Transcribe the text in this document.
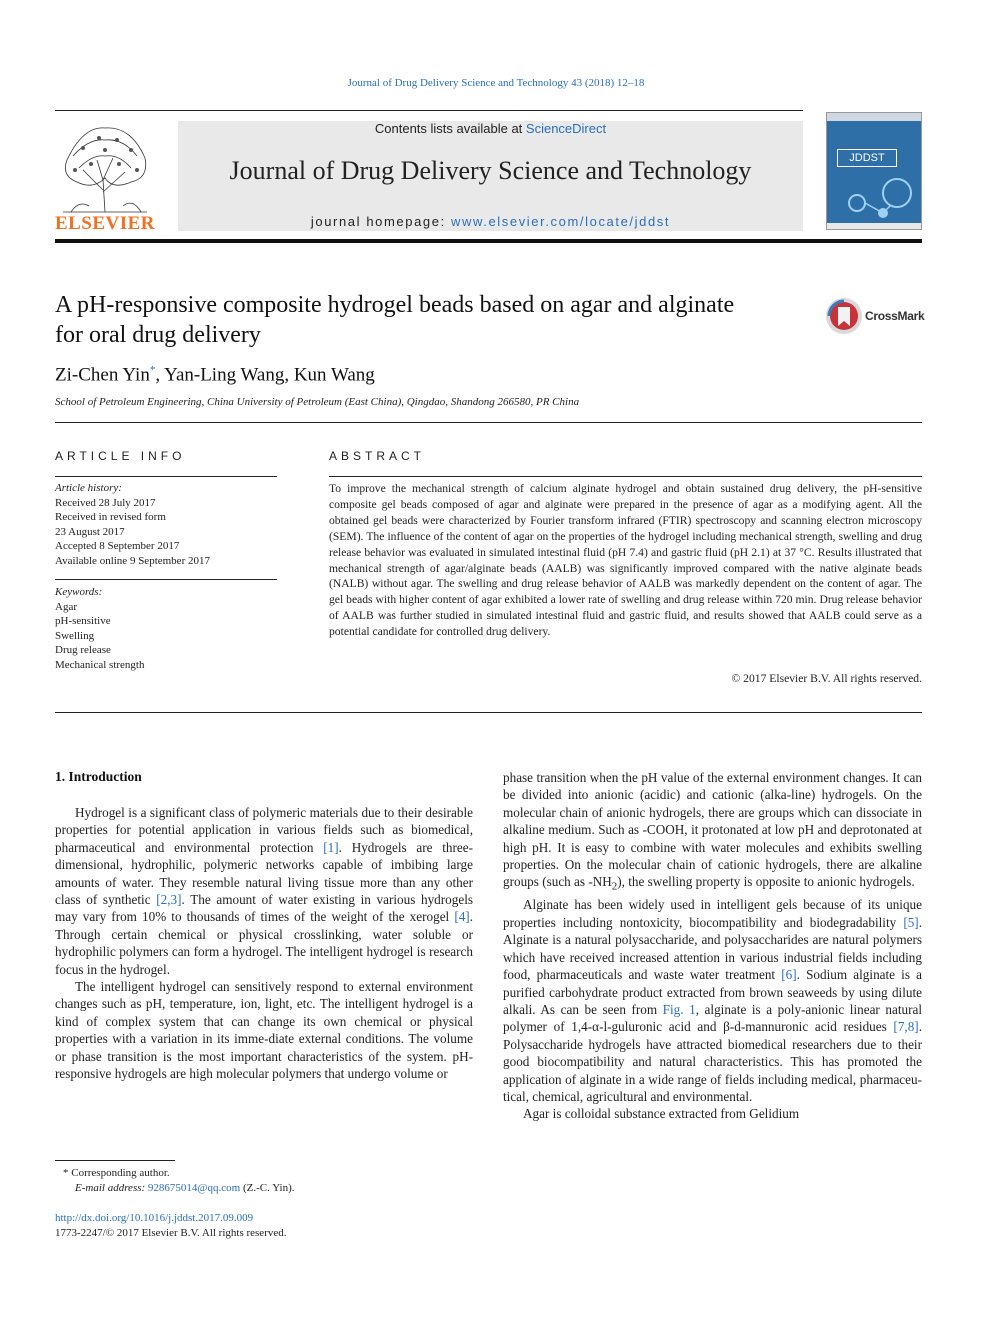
Journal of Drug Delivery Science and Technology 43 (2018) 12–18
ELSEVIER
Contents lists available at ScienceDirect
Journal of Drug Delivery Science and Technology
journal homepage: www.elsevier.com/locate/jddst
JDDST
A pH-responsive composite hydrogel beads based on agar and alginate
for oral drug delivery
CrossMark
Zi-Chen Yin*, Yan-Ling Wang, Kun Wang
School of Petroleum Engineering, China University of Petroleum (East China), Qingdao, Shandong 266580, PR China
ARTICLE INFO	ABSTRACT
Article history:
Received 28 July 2017
Received in revised form
23 August 2017
Accepted 8 September 2017
Available online 9 September 2017
Keywords:
Agar
pH-sensitive
Swelling
Drug release
Mechanical strength
To improve the mechanical strength of calcium alginate hydrogel and obtain sustained drug delivery, the pH-sensitive composite gel beads composed of agar and alginate were prepared in the presence of agar as a modifying agent. All the obtained gel beads were characterized by Fourier transform infrared (FTIR) spectroscopy and scanning electron microscopy (SEM). The influence of the content of agar on the properties of the hydrogel including mechanical strength, swelling and drug release behavior was evaluated in simulated intestinal fluid (pH 7.4) and gastric fluid (pH 2.1) at 37 °C. Results illustrated that mechanical strength of agar/alginate beads (AALB) was significantly improved compared with the native alginate beads (NALB) without agar. The swelling and drug release behavior of AALB was markedly dependent on the content of agar. The gel beads with higher content of agar exhibited a lower rate of swelling and drug release within 720 min. Drug release behavior of AALB was further studied in simulated intestinal fluid and gastric fluid, and results showed that AALB could serve as a potential candidate for controlled drug delivery.
© 2017 Elsevier B.V. All rights reserved.
1. Introduction

Hydrogel is a significant class of polymeric materials due to their desirable properties for potential application in various fields such as biomedical, pharmaceutical and environmental protection [1]. Hydrogels are three-dimensional, hydrophilic, polymeric networks capable of imbibing large amounts of water. They resemble natural living tissue more than any other class of synthetic [2,3]. The amount of water existing in various hydrogels may vary from 10% to thousands of times of the weight of the xerogel [4]. Through certain chemical or physical crosslinking, water soluble or hydrophilic polymers can form a hydrogel. The intelligent hydrogel is research focus in the hydrogel.

The intelligent hydrogel can sensitively respond to external environment changes such as pH, temperature, ion, light, etc. The intelligent hydrogel is a kind of complex system that can change its own chemical or physical properties with a variation in its imme-diate external conditions. The volume or phase transition is the most important characteristics of the system. pH-responsive hydrogels are high molecular polymers that undergo volume or

phase transition when the pH value of the external environment changes. It can be divided into anionic (acidic) and cationic (alka-line) hydrogels. On the molecular chain of anionic hydrogels, there are groups which can dissociate in alkaline medium. Such as -COOH, it protonated at low pH and deprotonated at high pH. It is easy to combine with water molecules and exhibits swelling properties. On the molecular chain of cationic hydrogels, there are alkaline groups (such as $-NH_2$), the swelling property is opposite to anionic hydrogels.

Alginate has been widely used in intelligent gels because of its unique properties including nontoxicity, biocompatibility and biodegradability [5]. Alginate is a natural polysaccharide, and polysaccharides are natural polymers which have received increased attention in various industrial fields including food, pharmaceuticals and waste water treatment [6]. Sodium alginate is a purified carbohydrate product extracted from brown seaweeds by using dilute alkali. As can be seen from Fig. 1, alginate is a poly-anionic linear natural polymer of 1,4-α-l-guluronic acid and β-d-mannuronic acid residues [7,8]. Polysaccharide hydrogels have attracted biomedical researchers due to their good biocompatibility and natural characteristics. This has promoted the application of alginate in a wide range of fields including medical, pharmaceu-tical, chemical, agricultural and environmental.

Agar is colloidal substance extracted from Gelidium

* Corresponding author.
E-mail address: 928675014@qq.com (Z.-C. Yin).
http://dx.doi.org/10.1016/j.jddst.2017.09.009
1773-2247/© 2017 Elsevier B.V. All rights reserved.
